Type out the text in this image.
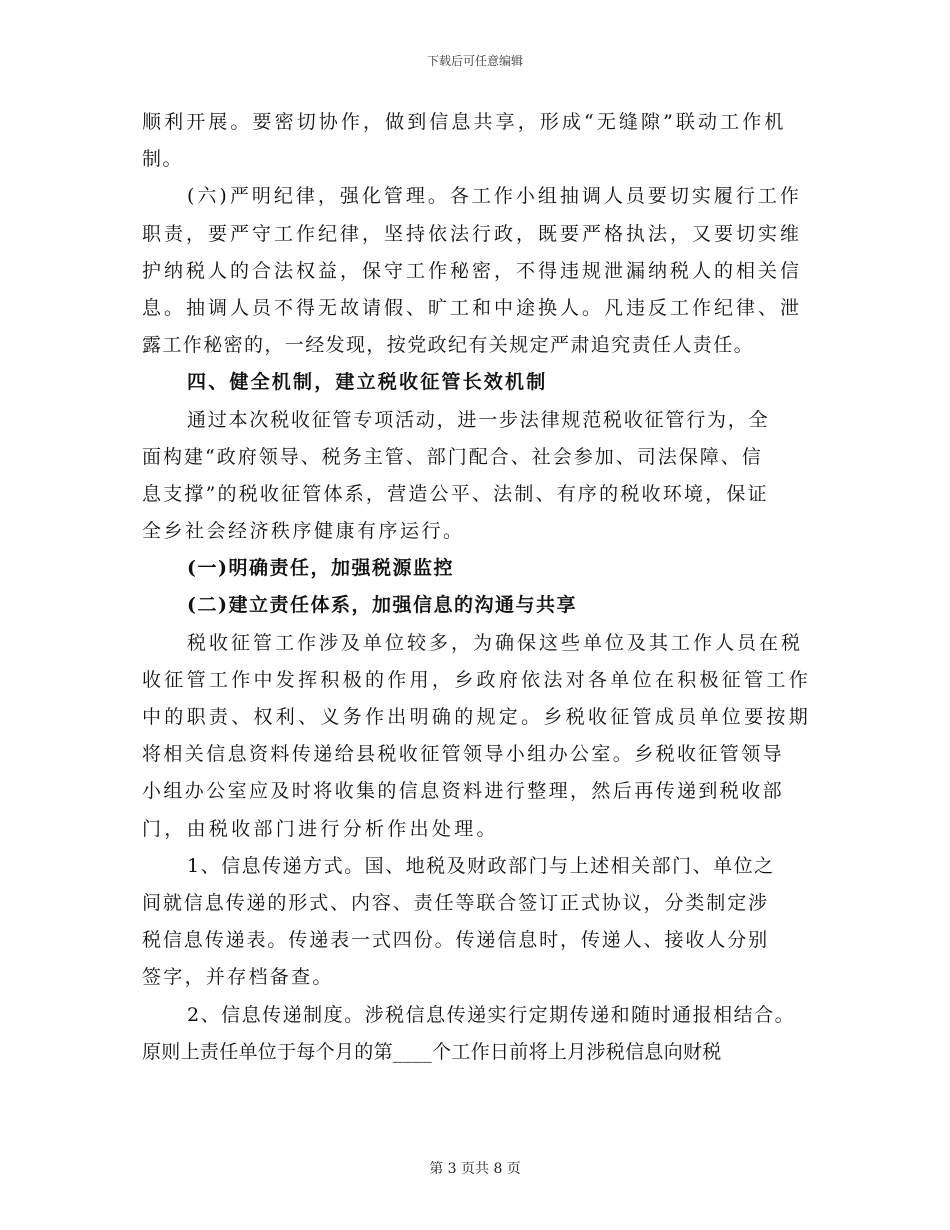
下载后可任意编辑
顺利开展。要密切协作，做到信息共享，形成“无缝隙”联动工作机
制。
(六)严明纪律，强化管理。各工作小组抽调人员要切实履行工作
职责，要严守工作纪律，坚持依法行政，既要严格执法，又要切实维
护纳税人的合法权益，保守工作秘密，不得违规泄漏纳税人的相关信
息。抽调人员不得无故请假、旷工和中途换人。凡违反工作纪律、泄
露工作秘密的，一经发现，按党政纪有关规定严肃追究责任人责任。
四、健全机制，建立税收征管长效机制
通过本次税收征管专项活动，进一步法律规范税收征管行为，全
面构建“政府领导、税务主管、部门配合、社会参加、司法保障、信
息支撑”的税收征管体系，营造公平、法制、有序的税收环境，保证
全乡社会经济秩序健康有序运行。
(一)明确责任，加强税源监控
(二)建立责任体系，加强信息的沟通与共享
税收征管工作涉及单位较多，为确保这些单位及其工作人员在税
收征管工作中发挥积极的作用，乡政府依法对各单位在积极征管工作
中的职责、权利、义务作出明确的规定。乡税收征管成员单位要按期
将相关信息资料传递给县税收征管领导小组办公室。乡税收征管领导
小组办公室应及时将收集的信息资料进行整理，然后再传递到税收部
门，由税收部门进行分析作出处理。
1、信息传递方式。国、地税及财政部门与上述相关部门、单位之
间就信息传递的形式、内容、责任等联合签订正式协议，分类制定涉
税信息传递表。传递表一式四份。传递信息时，传递人、接收人分别
签字，并存档备查。
2、信息传递制度。涉税信息传递实行定期传递和随时通报相结合。
原则上责任单位于每个月的第____个工作日前将上月涉税信息向财税
第 3 页共 8 页
